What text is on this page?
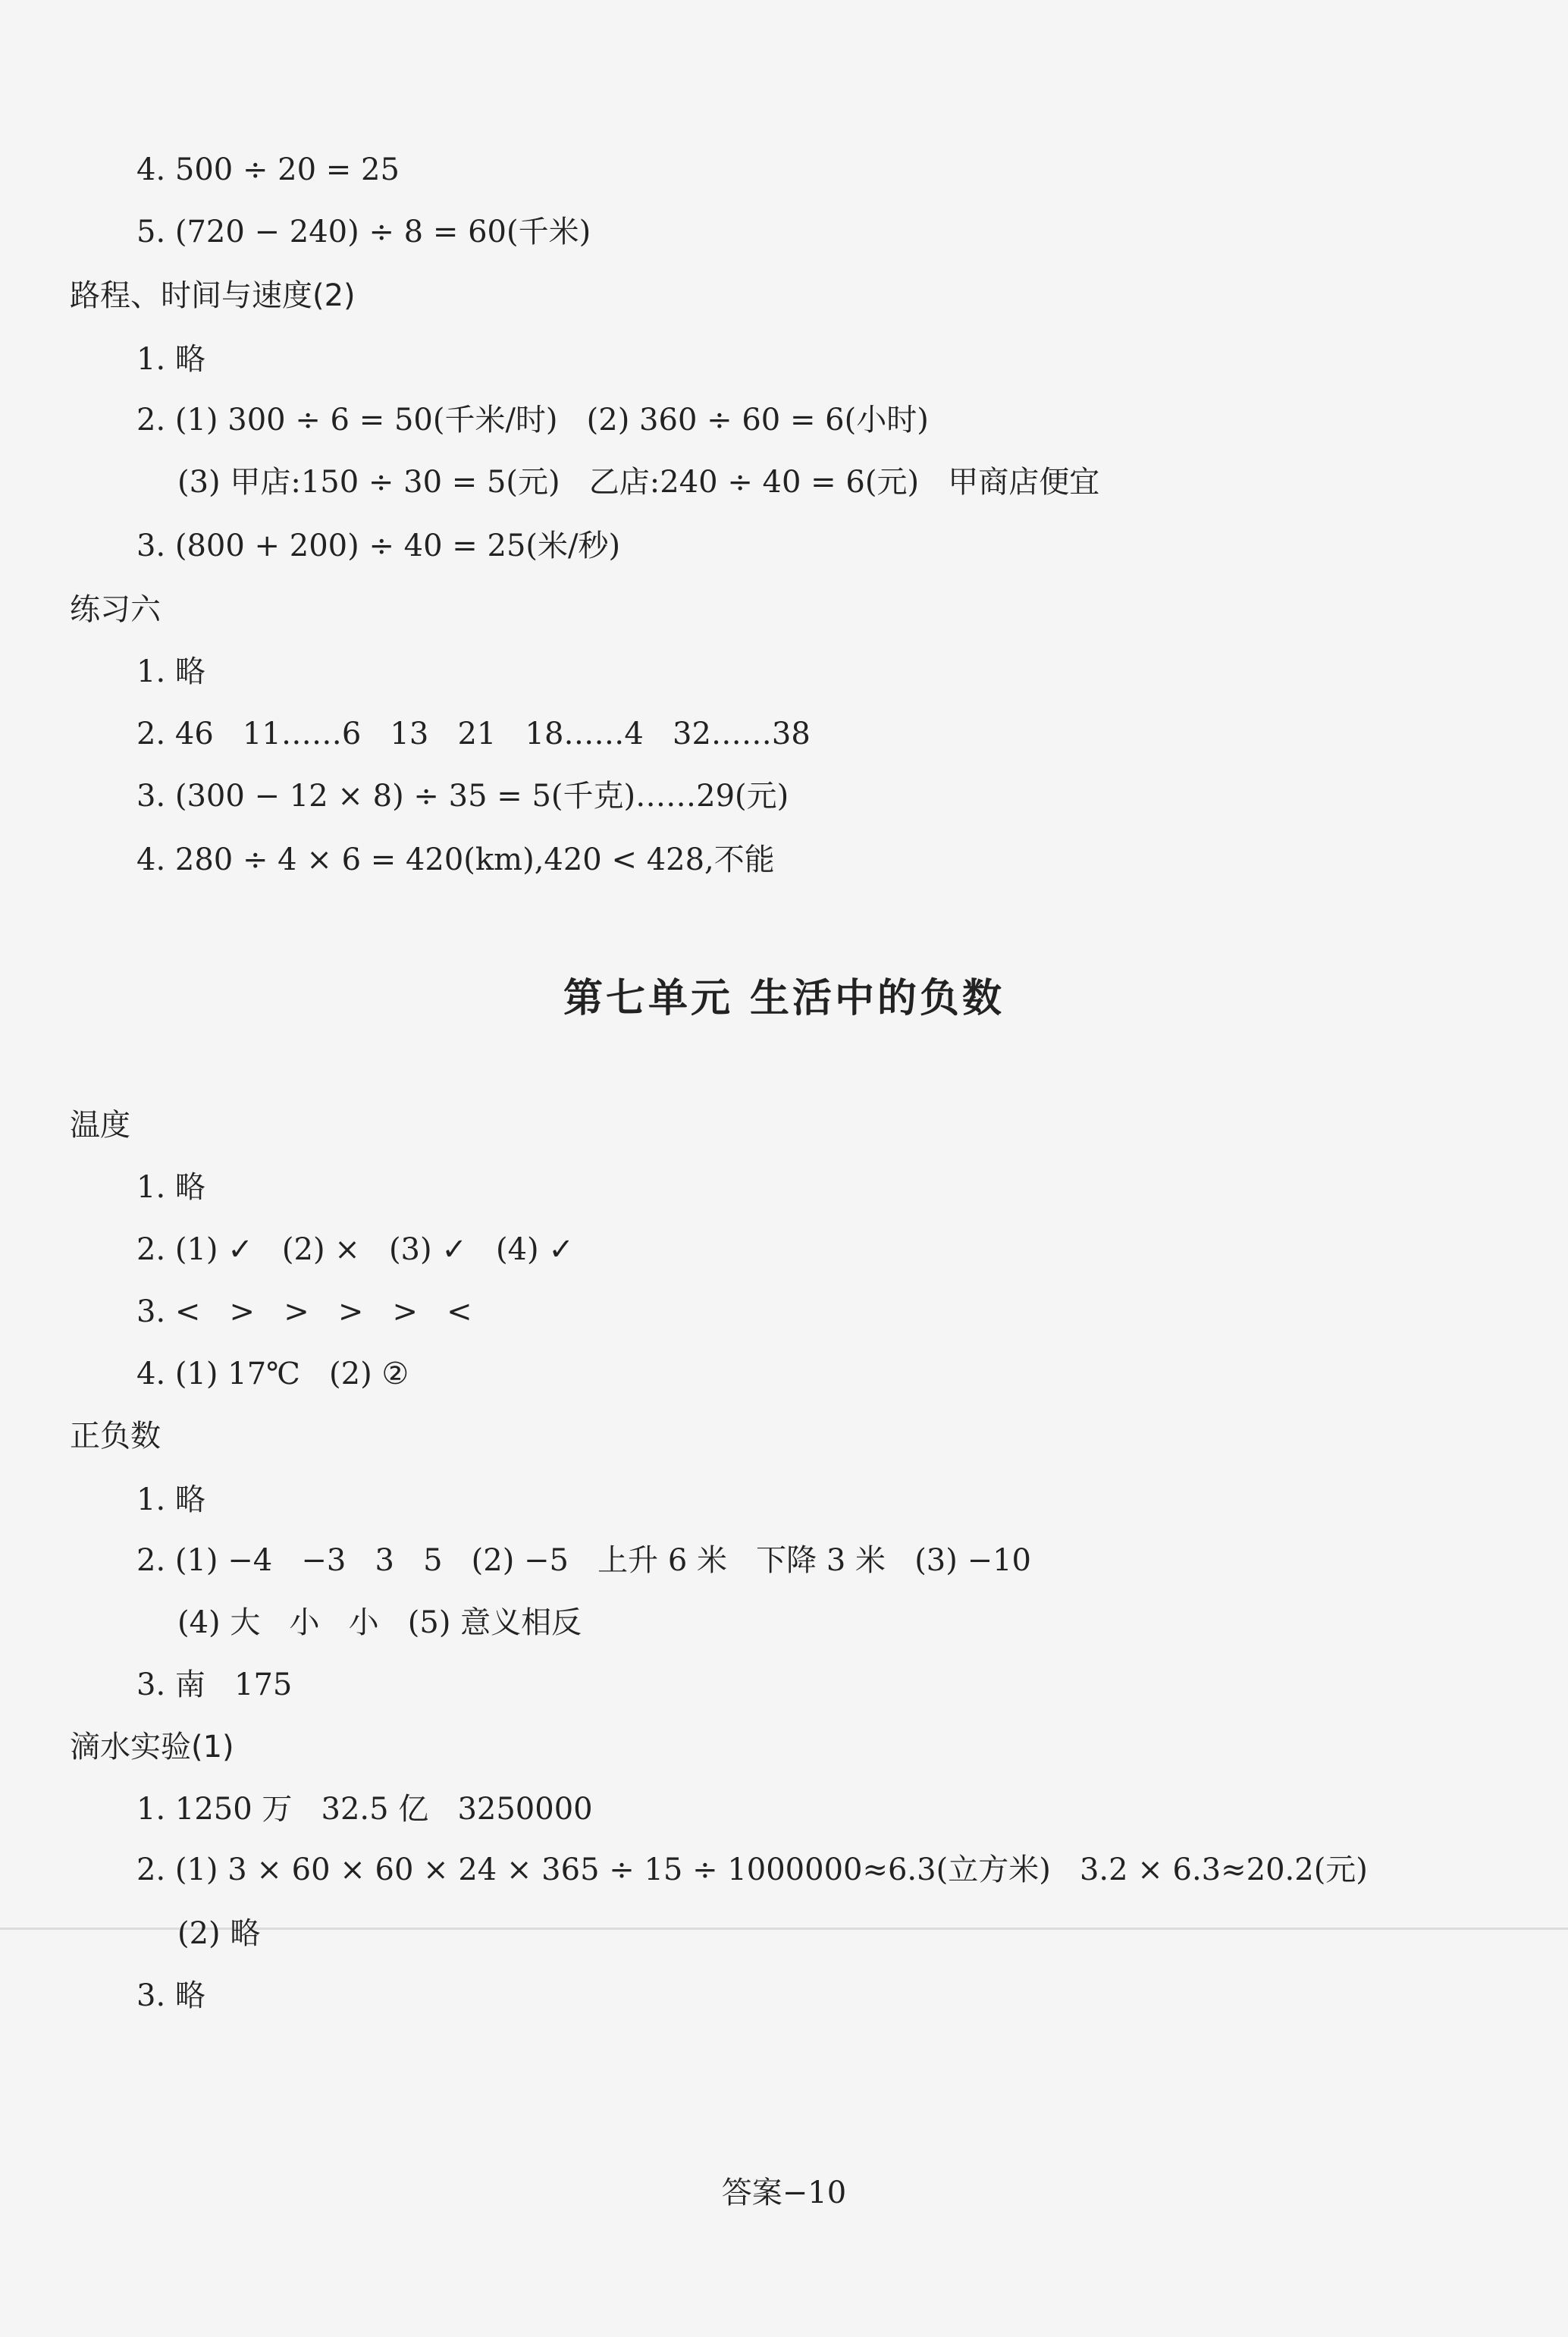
4. 500 ÷ 20 = 25
5. (720 − 240) ÷ 8 = 60(千米)
路程、时间与速度(2)
1. 略
2. (1) 300 ÷ 6 = 50(千米/时)   (2) 360 ÷ 60 = 6(小时)
(3) 甲店:150 ÷ 30 = 5(元)   乙店:240 ÷ 40 = 6(元)   甲商店便宜
3. (800 + 200) ÷ 40 = 25(米/秒)
练习六
1. 略
2. 46   11……6   13   21   18……4   32……38
3. (300 − 12 × 8) ÷ 35 = 5(千克)……29(元)
4. 280 ÷ 4 × 6 = 420(km),420 < 428,不能
第七单元 生活中的负数
温度
1. 略
2. (1) ✓   (2) ×   (3) ✓   (4) ✓
3. <   >   >   >   >   <
4. (1) 17℃   (2) ②
正负数
1. 略
2. (1) −4   −3   3   5   (2) −5   上升 6 米   下降 3 米   (3) −10
(4) 大   小   小   (5) 意义相反
3. 南   175
滴水实验(1)
1. 1250 万   32.5 亿   3250000
2. (1) 3 × 60 × 60 × 24 × 365 ÷ 15 ÷ 1000000≈6.3(立方米)   3.2 × 6.3≈20.2(元)
(2) 略
3. 略
答案−10
